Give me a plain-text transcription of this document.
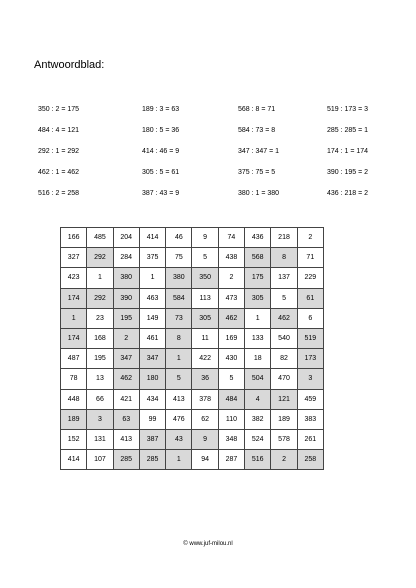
Antwoordblad:
350 : 2 = 175	189 : 3 = 63	568 : 8 = 71	519 : 173 = 3
484 : 4 = 121	180 : 5 = 36	584 : 73 = 8	285 : 285 = 1
292 : 1 = 292	414 : 46 = 9	347 : 347 = 1	174 : 1 = 174
462 : 1 = 462	305 : 5 = 61	375 : 75 = 5	390 : 195 = 2
516 : 2 = 258	387 : 43 = 9	380 : 1 = 380	436 : 218 = 2
166	485	204	414	46	9	74	436	218	2
327	292	284	375	75	5	438	568	8	71
423	1	380	1	380	350	2	175	137	229
174	292	390	463	584	113	473	305	5	61
1	23	195	149	73	305	462	1	462	6
174	168	2	461	8	11	169	133	540	519
487	195	347	347	1	422	430	18	82	173
78	13	462	180	5	36	5	504	470	3
448	66	421	434	413	378	484	4	121	459
189	3	63	99	476	62	110	382	189	383
152	131	413	387	43	9	348	524	578	261
414	107	285	285	1	94	287	516	2	258
© www.juf-milou.nl
